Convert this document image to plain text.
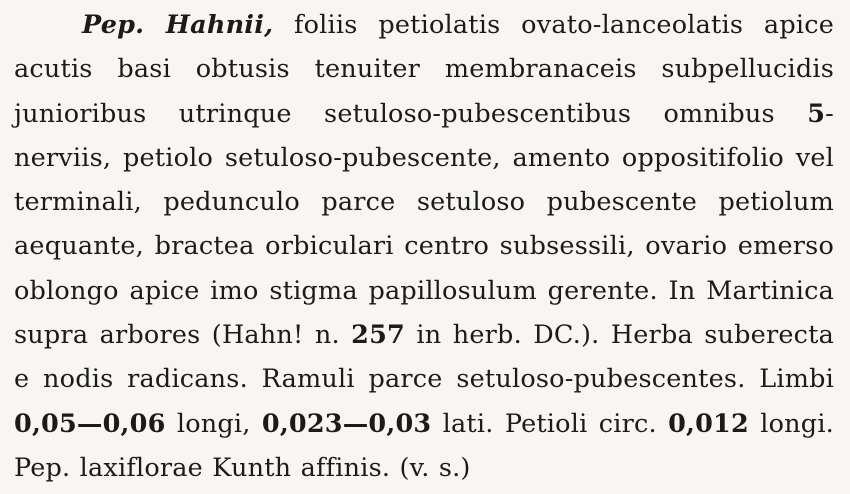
Pep. Hahnii, foliis petiolatis ovato-lanceolatis apice acutis basi obtusis tenuiter membranaceis subpellucidis junioribus utrinque setuloso-pubescentibus omnibus 5-nerviis, petiolo setuloso-pubescente, amento oppositifolio vel terminali, pedunculo parce setuloso pubescente petiolum aequante, bractea orbiculari centro subsessili, ovario emerso oblongo apice imo stigma papillosulum gerente. In Martinica supra arbores (Hahn! n. 257 in herb. DC.). Herba suberecta e nodis radicans. Ramuli parce setuloso-pubescentes. Limbi 0,05—0,06 longi, 0,023—0,03 lati. Petioli circ. 0,012 longi. Pep. laxiflorae Kunth affinis. (v. s.)
